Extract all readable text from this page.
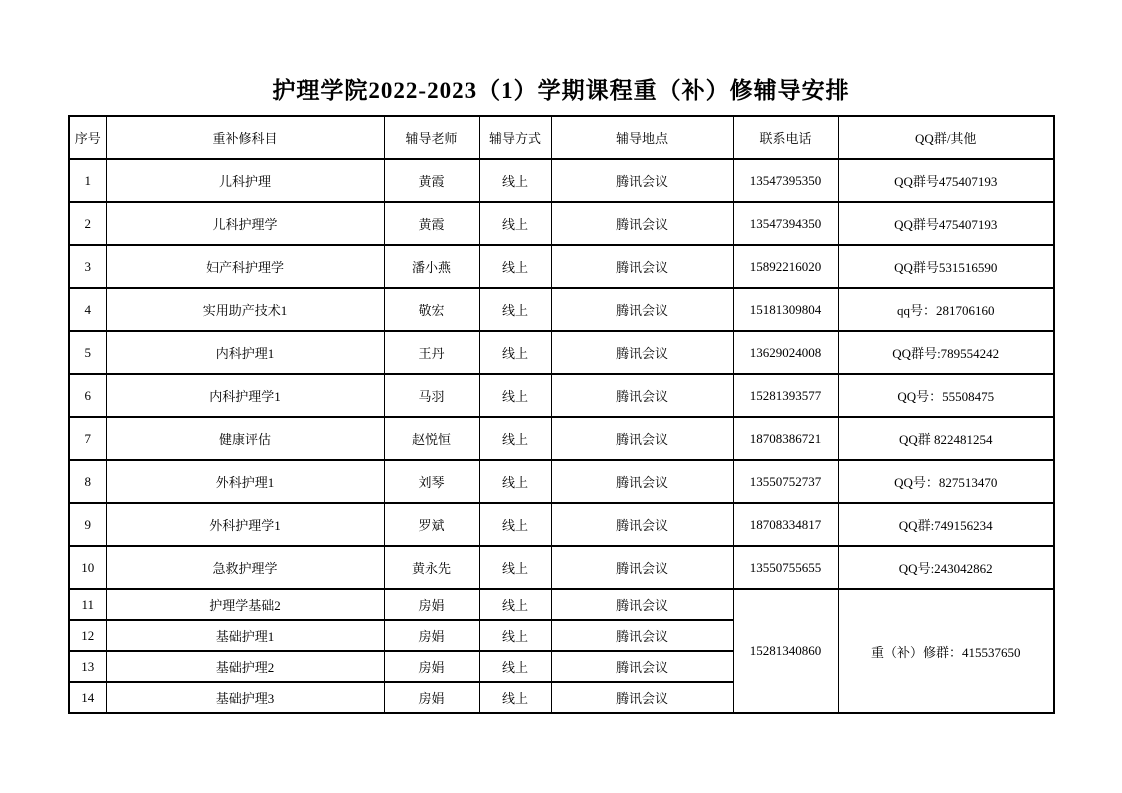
护理学院2022-2023（1）学期课程重（补）修辅导安排
序号	重补修科目	辅导老师	辅导方式	辅导地点	联系电话	QQ群/其他
1	儿科护理	黄霞	线上	腾讯会议	13547395350	QQ群号475407193
2	儿科护理学	黄霞	线上	腾讯会议	13547394350	QQ群号475407193
3	妇产科护理学	潘小燕	线上	腾讯会议	15892216020	QQ群号531516590
4	实用助产技术1	敬宏	线上	腾讯会议	15181309804	qq号：281706160
5	内科护理1	王丹	线上	腾讯会议	13629024008	QQ群号:789554242
6	内科护理学1	马羽	线上	腾讯会议	15281393577	QQ号：55508475
7	健康评估	赵悦恒	线上	腾讯会议	18708386721	QQ群 822481254
8	外科护理1	刘琴	线上	腾讯会议	13550752737	QQ号：827513470
9	外科护理学1	罗斌	线上	腾讯会议	18708334817	QQ群:749156234
10	急救护理学	黄永先	线上	腾讯会议	13550755655	QQ号:243042862
11	护理学基础2	房娟	线上	腾讯会议	15281340860	重（补）修群：415537650
12	基础护理1	房娟	线上	腾讯会议		
13	基础护理2	房娟	线上	腾讯会议		
14	基础护理3	房娟	线上	腾讯会议		
